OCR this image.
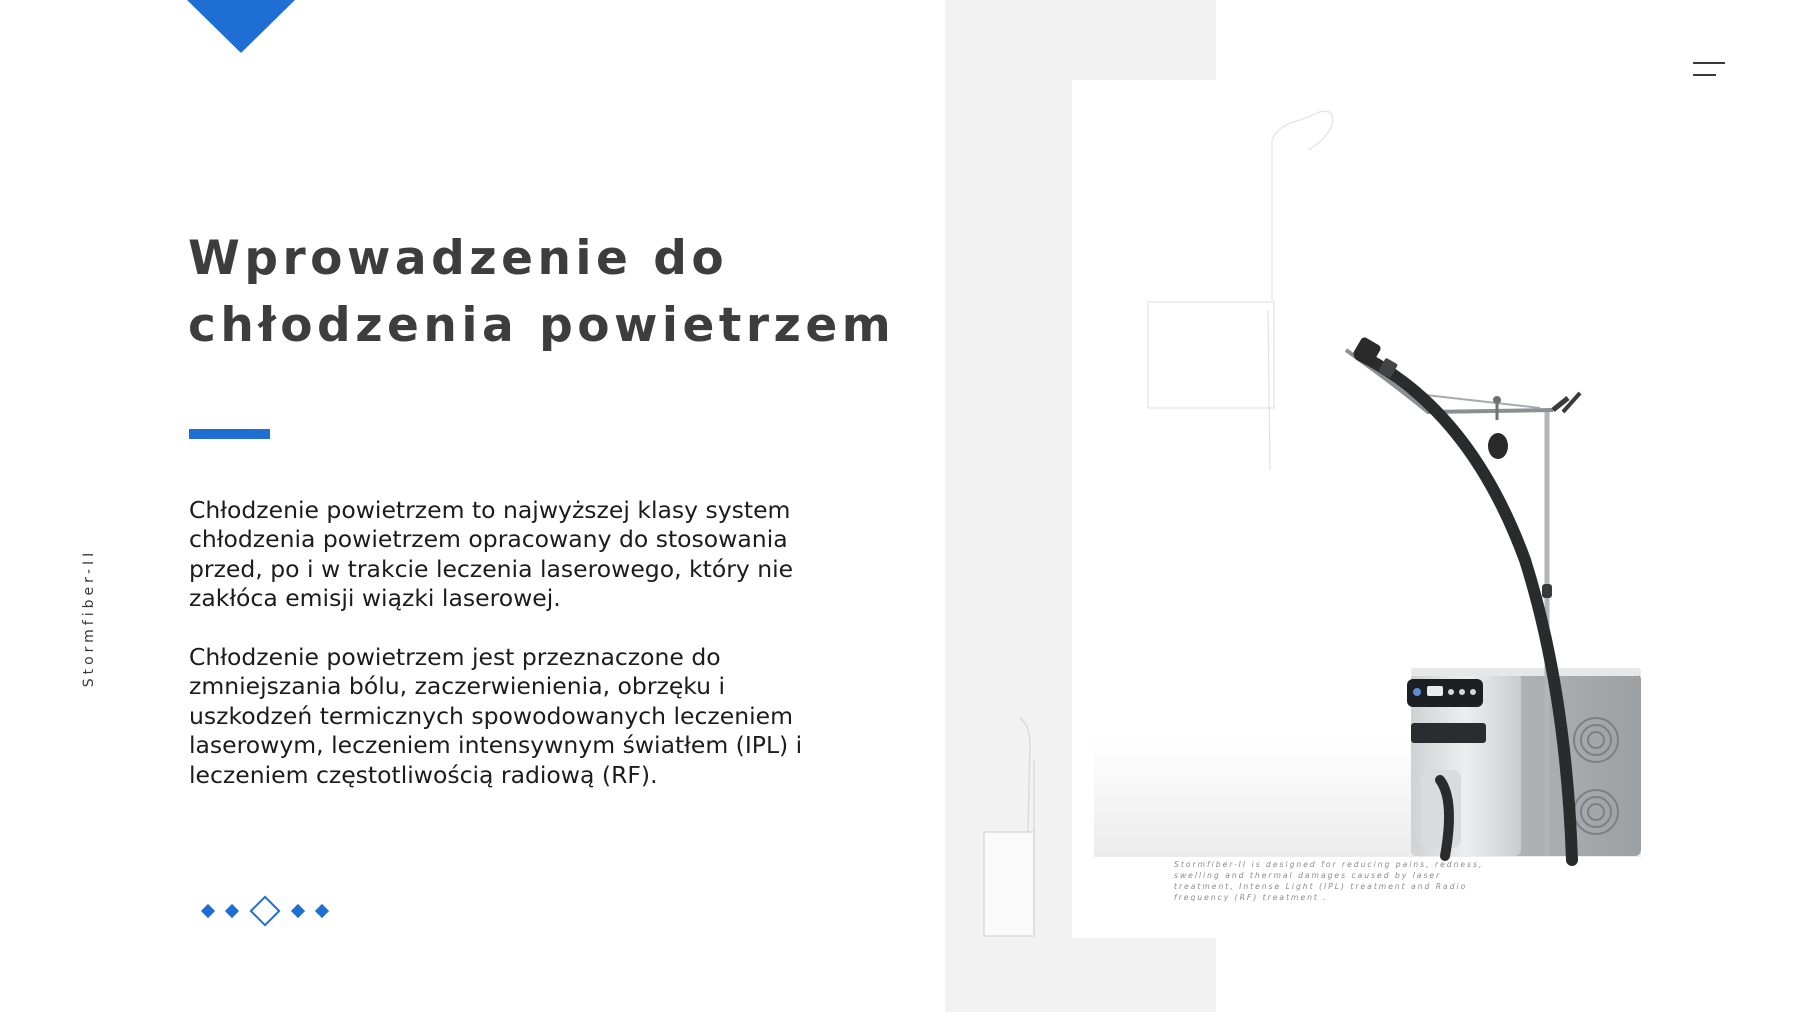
Stormfiber-II
Wprowadzenie do
chłodzenia powietrzem

Chłodzenie powietrzem to najwyższej klasy system chłodzenia powietrzem opracowany do stosowania przed, po i w trakcie leczenia laserowego, który nie zakłóca emisji wiązki laserowej.

Chłodzenie powietrzem jest przeznaczone do zmniejszania bólu, zaczerwienienia, obrzęku i uszkodzeń termicznych spowodowanych leczeniem laserowym, leczeniem intensywnym światłem (IPL) i leczeniem częstotliwością radiową (RF).

Stormfiber-II is designed for reducing pains, redness, swelling and thermal damages caused by laser treatment, Intense Light (IPL) treatment and Radio frequency (RF) treatment .
